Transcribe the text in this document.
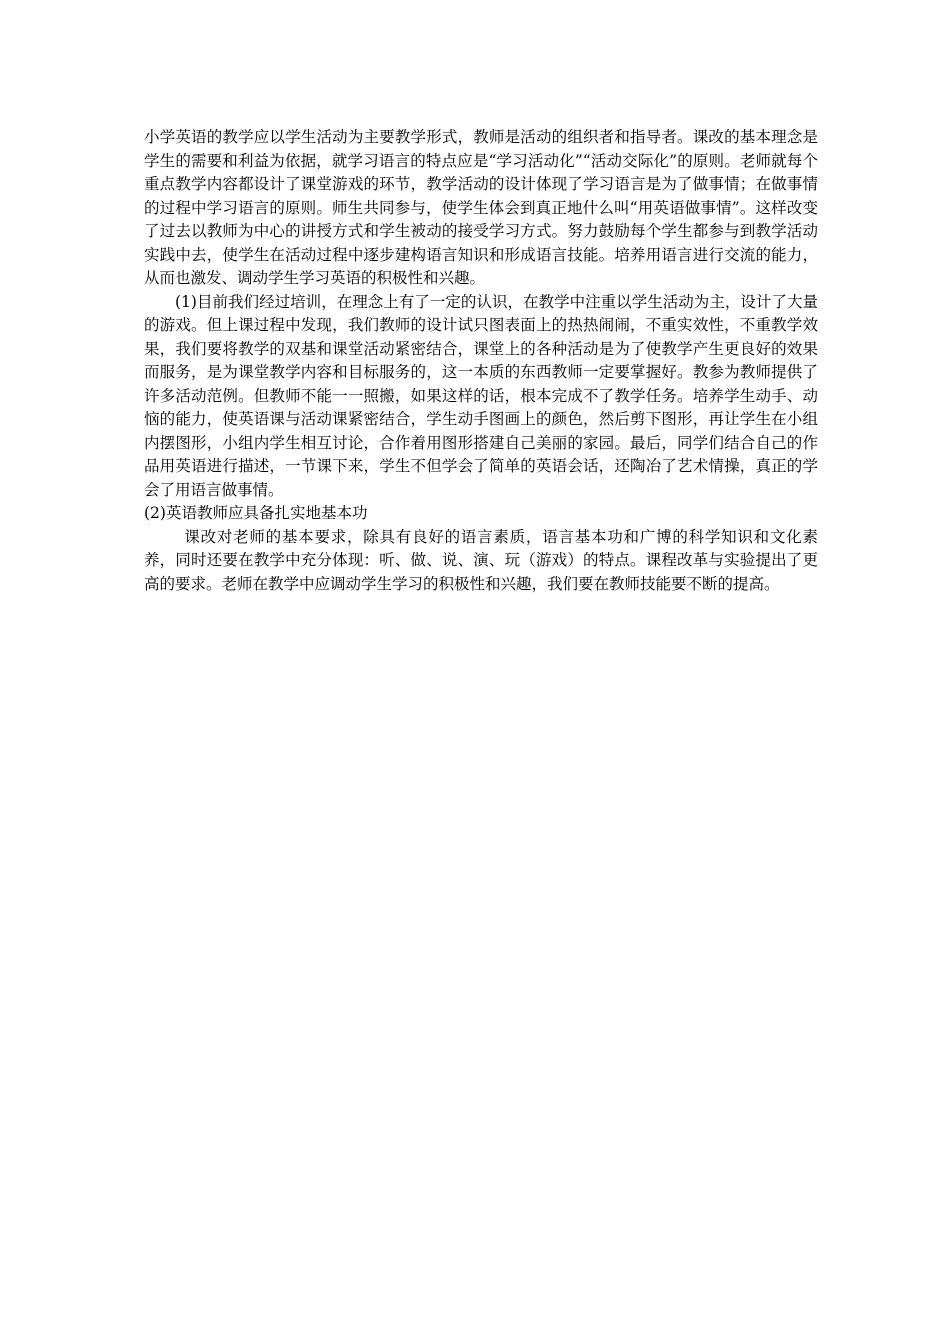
小学英语的教学应以学生活动为主要教学形式，教师是活动的组织者和指导者。课改的基本理念是学生的需要和利益为依据，就学习语言的特点应是“学习活动化”“活动交际化”的原则。老师就每个重点教学内容都设计了课堂游戏的环节，教学活动的设计体现了学习语言是为了做事情；在做事情的过程中学习语言的原则。师生共同参与，使学生体会到真正地什么叫“用英语做事情”。这样改变了过去以教师为中心的讲授方式和学生被动的接受学习方式。努力鼓励每个学生都参与到教学活动实践中去，使学生在活动过程中逐步建构语言知识和形成语言技能。培养用语言进行交流的能力，从而也激发、调动学生学习英语的积极性和兴趣。

(1)目前我们经过培训，在理念上有了一定的认识，在教学中注重以学生活动为主，设计了大量的游戏。但上课过程中发现，我们教师的设计试只图表面上的热热闹闹，不重实效性，不重教学效果，我们要将教学的双基和课堂活动紧密结合，课堂上的各种活动是为了使教学产生更良好的效果而服务，是为课堂教学内容和目标服务的，这一本质的东西教师一定要掌握好。教参为教师提供了许多活动范例。但教师不能一一照搬，如果这样的话，根本完成不了教学任务。培养学生动手、动恼的能力，使英语课与活动课紧密结合，学生动手图画上的颜色，然后剪下图形，再让学生在小组内摆图形，小组内学生相互讨论，合作着用图形搭建自己美丽的家园。最后，同学们结合自己的作品用英语进行描述，一节课下来，学生不但学会了简单的英语会话，还陶冶了艺术情操，真正的学会了用语言做事情。

(2)英语教师应具备扎实地基本功

课改对老师的基本要求，除具有良好的语言素质，语言基本功和广博的科学知识和文化素养，同时还要在教学中充分体现：听、做、说、演、玩（游戏）的特点。课程改革与实验提出了更高的要求。老师在教学中应调动学生学习的积极性和兴趣，我们要在教师技能要不断的提高。
